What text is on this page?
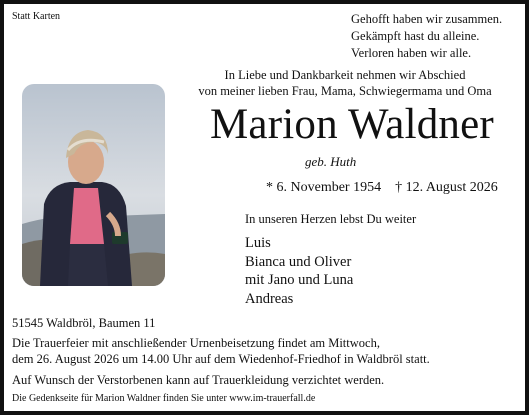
Statt Karten	Gehofft haben wir zusammen.
Gekämpft hast du alleine.
Verloren haben wir alle.
In Liebe und Dankbarkeit nehmen wir Abschied
von meiner lieben Frau, Mama, Schwiegermama und Oma
Marion Waldner
geb. Huth
* 6. November 1954    † 12. August 2026
In unseren Herzen lebst Du weiter
Luis
Bianca und Oliver
mit Jano und Luna
Andreas
51545 Waldbröl, Baumen 11
Die Trauerfeier mit anschließender Urnenbeisetzung findet am Mittwoch,
dem 26. August 2026 um 14.00 Uhr auf dem Wiedenhof-Friedhof in Waldbröl statt.
Auf Wunsch der Verstorbenen kann auf Trauerkleidung verzichtet werden.
Die Gedenkseite für Marion Waldner finden Sie unter www.im-trauerfall.de
